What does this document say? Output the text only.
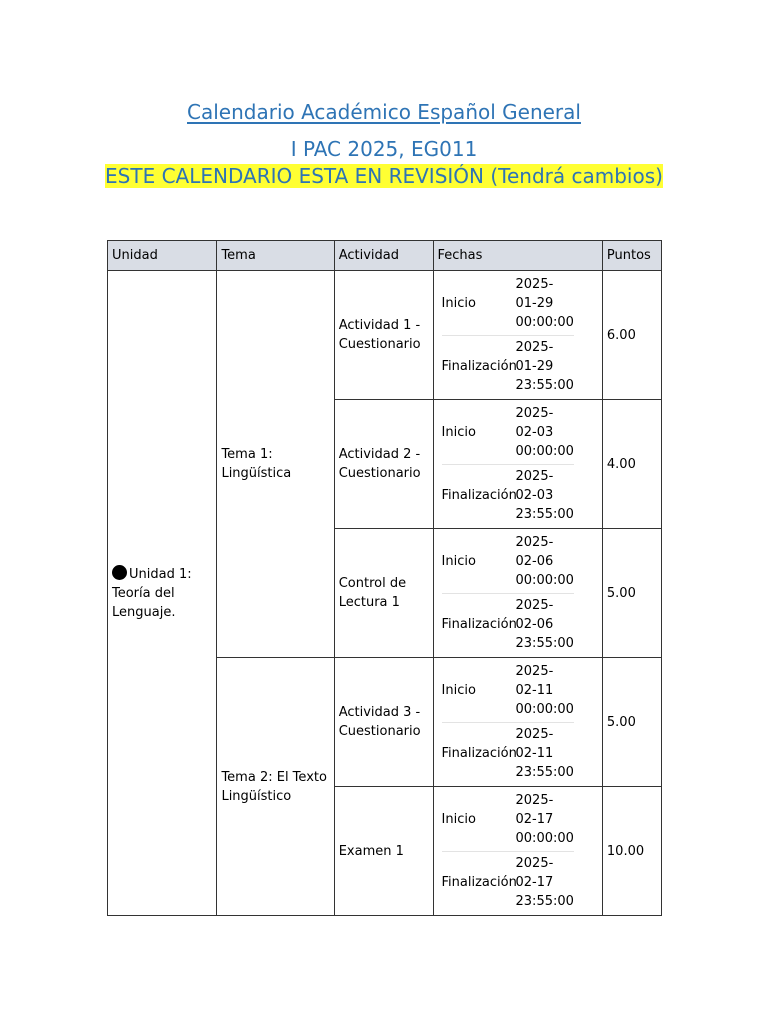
Calendario Académico Español General
I PAC 2025, EG011
ESTE CALENDARIO ESTA EN REVISIÓN (Tendrá cambios)
Unidad	Tema	Actividad	Fechas	Puntos
Unidad 1: Teoría del Lenguaje.	Tema 1: Lingüística	Actividad 1 - Cuestionario	Inicio
2025-01-29 00:00:00
Finalización
2025-01-29 23:55:00	6.00
		Actividad 2 - Cuestionario	Inicio
2025-02-03 00:00:00
Finalización
2025-02-03 23:55:00	4.00
		Control de Lectura 1	Inicio
2025-02-06 00:00:00
Finalización
2025-02-06 23:55:00	5.00
	Tema 2: El Texto Lingüístico	Actividad 3 - Cuestionario	Inicio
2025-02-11 00:00:00
Finalización
2025-02-11 23:55:00	5.00
		Examen 1	Inicio
2025-02-17 00:00:00
Finalización
2025-02-17 23:55:00	10.00
